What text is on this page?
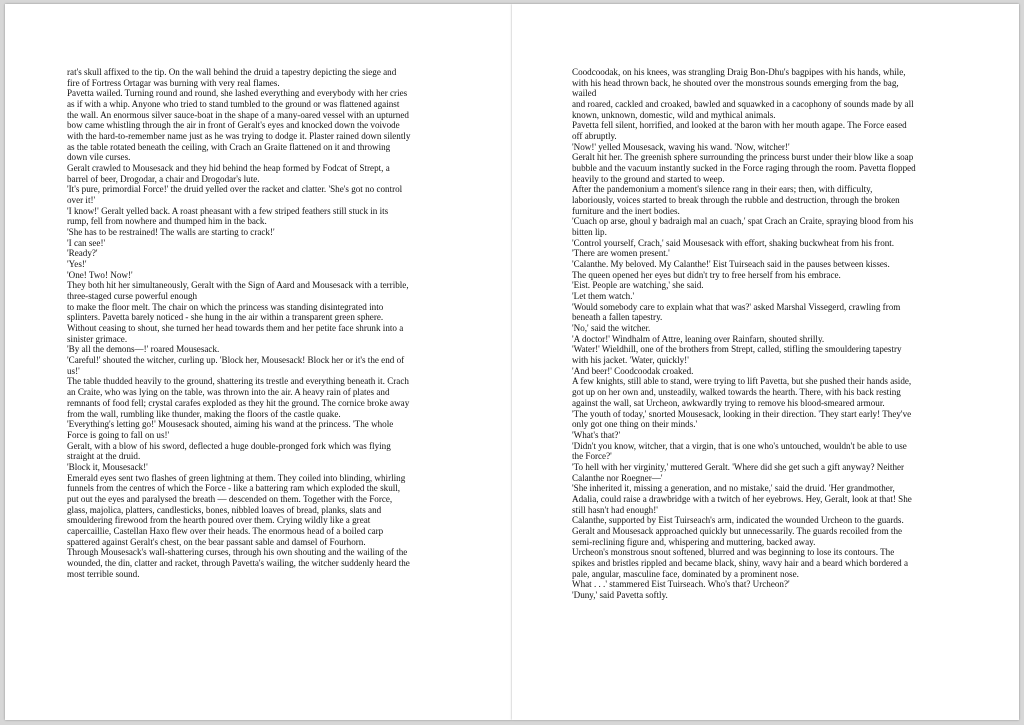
rat's skull affixed to the tip. On the wall behind the druid a tapestry depicting the siege and
fire of Fortress Ortagar was burning with very real flames.
Pavetta wailed. Turning round and round, she lashed everything and everybody with her cries
as if with a whip. Anyone who tried to stand tumbled to the ground or was flattened against
the wall. An enormous silver sauce-boat in the shape of a many-oared vessel with an upturned
bow came whistling through the air in front of Geralt's eyes and knocked down the voivode
with the hard-to-remember name just as he was trying to dodge it. Plaster rained down silently
as the table rotated beneath the ceiling, with Crach an Graite flattened on it and throwing
down vile curses.
Geralt crawled to Mousesack and they hid behind the heap formed by Fodcat of Strept, a
barrel of beer, Drogodar, a chair and Drogodar's lute.
'It's pure, primordial Force!' the druid yelled over the racket and clatter. 'She's got no control
over it!'
'I know!' Geralt yelled back. A roast pheasant with a few striped feathers still stuck in its
rump, fell from nowhere and thumped him in the back.
'She has to be restrained! The walls are starting to crack!'
'I can see!'
'Ready?'
'Yes!'
'One! Two! Now!'
They both hit her simultaneously, Geralt with the Sign of Aard and Mousesack with a terrible,
three-staged curse powerful enough
to make the floor melt. The chair on which the princess was standing disintegrated into
splinters. Pavetta barely noticed - she hung in the air within a transparent green sphere.
Without ceasing to shout, she turned her head towards them and her petite face shrunk into a
sinister grimace.
'By all the demons—!' roared Mousesack.
'Careful!' shouted the witcher, curling up. 'Block her, Mousesack! Block her or it's the end of
us!'
The table thudded heavily to the ground, shattering its trestle and everything beneath it. Crach
an Craite, who was lying on the table, was thrown into the air. A heavy rain of plates and
remnants of food fell; crystal carafes exploded as they hit the ground. The cornice broke away
from the wall, rumbling like thunder, making the floors of the castle quake.
'Everything's letting go!' Mousesack shouted, aiming his wand at the princess. 'The whole
Force is going to fall on us!'
Geralt, with a blow of his sword, deflected a huge double-pronged fork which was flying
straight at the druid.
'Block it, Mousesack!'
Emerald eyes sent two flashes of green lightning at them. They coiled into blinding, whirling
funnels from the centres of which the Force - like a battering ram which exploded the skull,
put out the eyes and paralysed the breath — descended on them. Together with the Force,
glass, majolica, platters, candlesticks, bones, nibbled loaves of bread, planks, slats and
smouldering firewood from the hearth poured over them. Crying wildly like a great
capercaillie, Castellan Haxo flew over their heads. The enormous head of a boiled carp
spattered against Geralt's chest, on the bear passant sable and damsel of Fourhorn.
Through Mousesack's wall-shattering curses, through his own shouting and the wailing of the
wounded, the din, clatter and racket, through Pavetta's wailing, the witcher suddenly heard the
most terrible sound.
Coodcoodak, on his knees, was strangling Draig Bon-Dhu's bagpipes with his hands, while,
with his head thrown back, he shouted over the monstrous sounds emerging from the bag,
wailed
and roared, cackled and croaked, bawled and squawked in a cacophony of sounds made by all
known, unknown, domestic, wild and mythical animals.
Pavetta fell silent, horrified, and looked at the baron with her mouth agape. The Force eased
off abruptly.
'Now!' yelled Mousesack, waving his wand. 'Now, witcher!'
Geralt hit her. The greenish sphere surrounding the princess burst under their blow like a soap
bubble and the vacuum instantly sucked in the Force raging through the room. Pavetta flopped
heavily to the ground and started to weep.
After the pandemonium a moment's silence rang in their ears; then, with difficulty,
laboriously, voices started to break through the rubble and destruction, through the broken
furniture and the inert bodies.
'Cuach op arse, ghoul y badraigh mal an cuach,' spat Crach an Craite, spraying blood from his
bitten lip.
'Control yourself, Crach,' said Mousesack with effort, shaking buckwheat from his front.
'There are women present.'
'Calanthe. My beloved. My Calanthe!' Eist Tuirseach said in the pauses between kisses.
The queen opened her eyes but didn't try to free herself from his embrace.
'Eist. People are watching,' she said.
'Let them watch.'
'Would somebody care to explain what that was?' asked Marshal Vissegerd, crawling from
beneath a fallen tapestry.
'No,' said the witcher.
'A doctor!' Windhalm of Attre, leaning over Rainfarn, shouted shrilly.
'Water!' Wieldhill, one of the brothers from Strept, called, stifling the smouldering tapestry
with his jacket. 'Water, quickly!'
'And beer!' Coodcoodak croaked.
A few knights, still able to stand, were trying to lift Pavetta, but she pushed their hands aside,
got up on her own and, unsteadily, walked towards the hearth. There, with his back resting
against the wall, sat Urcheon, awkwardly trying to remove his blood-smeared armour.
'The youth of today,' snorted Mousesack, looking in their direction. 'They start early! They've
only got one thing on their minds.'
'What's that?'
'Didn't you know, witcher, that a virgin, that is one who's untouched, wouldn't be able to use
the Force?'
'To hell with her virginity,' muttered Geralt. 'Where did she get such a gift anyway? Neither
Calanthe nor Roegner—'
'She inherited it, missing a generation, and no mistake,' said the druid. 'Her grandmother,
Adalia, could raise a drawbridge with a twitch of her eyebrows. Hey, Geralt, look at that! She
still hasn't had enough!'
Calanthe, supported by Eist Tuirseach's arm, indicated the wounded Urcheon to the guards.
Geralt and Mousesack approached quickly but unnecessarily. The guards recoiled from the
semi-reclining figure and, whispering and muttering, backed away.
Urcheon's monstrous snout softened, blurred and was beginning to lose its contours. The
spikes and bristles rippled and became black, shiny, wavy hair and a beard which bordered a
pale, angular, masculine face, dominated by a prominent nose.
What . . .' stammered Eist Tuirseach. Who's that? Urcheon?'
'Duny,' said Pavetta softly.
